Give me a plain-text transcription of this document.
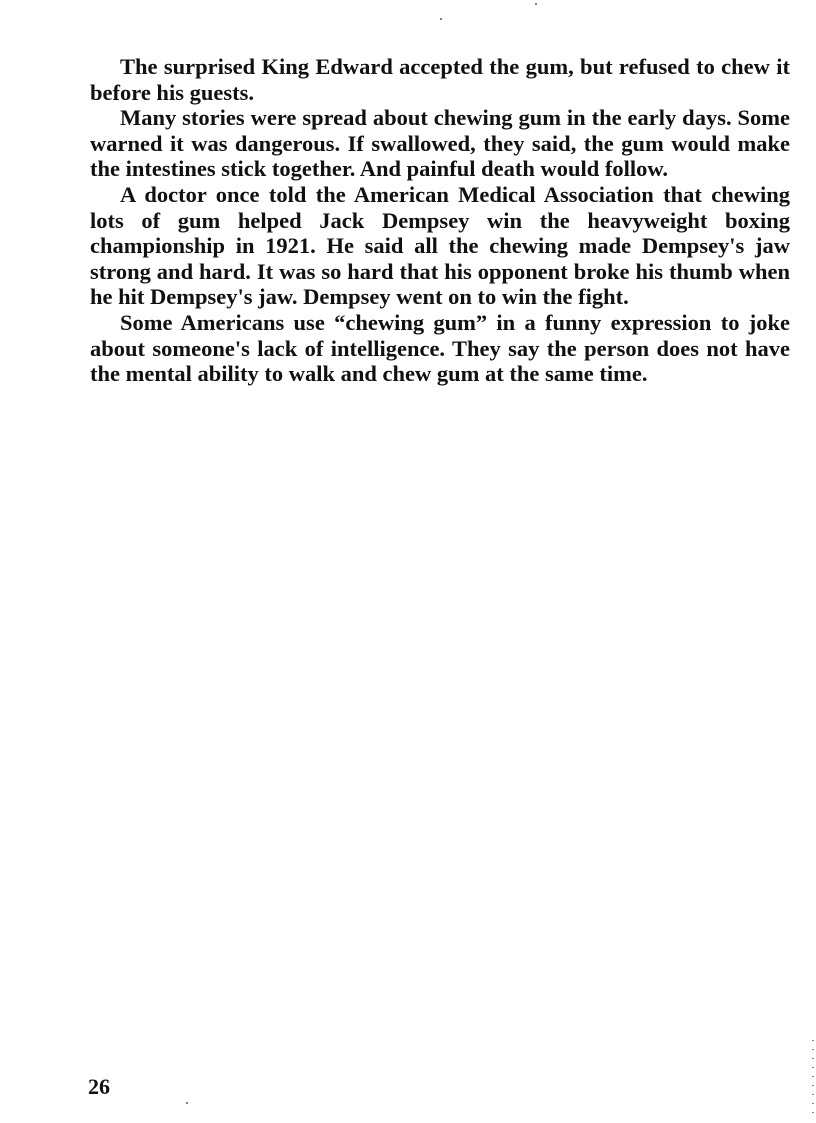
The surprised King Edward accepted the gum, but refused to chew it before his guests.

Many stories were spread about chewing gum in the early days. Some warned it was dangerous. If swallowed, they said, the gum would make the intestines stick together. And painful death would follow.

A doctor once told the American Medical Association that chewing lots of gum helped Jack Dempsey win the heavyweight boxing championship in 1921. He said all the chewing made Dempsey's jaw strong and hard. It was so hard that his opponent broke his thumb when he hit Dempsey's jaw. Dempsey went on to win the fight.

Some Americans use “chewing gum” in a funny expression to joke about someone's lack of intelligence. They say the person does not have the mental ability to walk and chew gum at the same time.

26
